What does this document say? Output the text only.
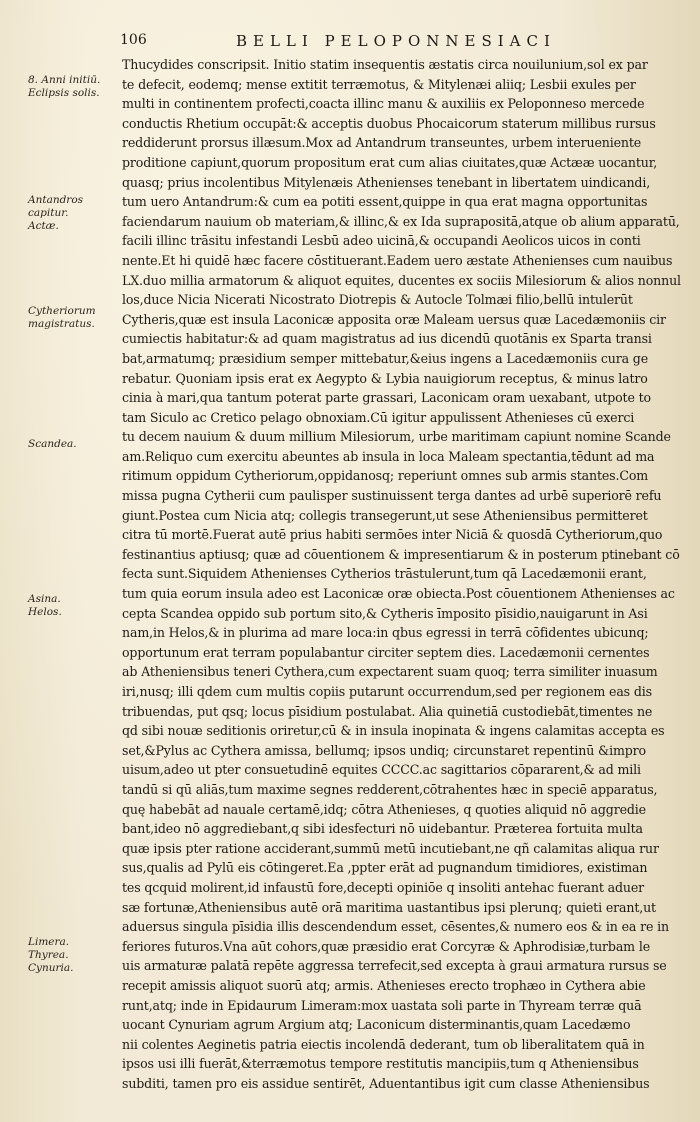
106	BELLI PELOPONNESIACI
8. Anni initiū.
Eclipsis solis.
Antandros
capitur.
Actæ.
Cytheriorum
magistratus.
Scandea.
Asina.
Helos.
Limera.
Thyrea.
Cynuria.
Thucydides conscripsit. Initio statim insequentis æstatis circa nouilunium,sol ex par
te defecit, eodemq; mense extitit terræmotus, & Mitylenæi aliiq; Lesbii exules per
multi in continentem profecti,coacta illinc manu & auxiliis ex Peloponneso mercede
conductis Rhetium occupāt:& acceptis duobus Phocaicorum staterum millibus rursus
reddiderunt prorsus illæsum.Mox ad Antandrum transeuntes, urbem interueniente
proditione capiunt,quorum propositum erat cum alias ciuitates,quæ Actææ uocantur,
quasq; prius incolentibus Mitylenæis Athenienses tenebant in libertatem uindicandi,
tum uero Antandrum:& cum ea potiti essent,quippe in qua erat magna opportunitas
faciendarum nauium ob materiam,& illinc,& ex Ida suprapositā,atque ob alium apparatū,
facili illinc trāsitu infestandi Lesbū adeo uicinā,& occupandi Aeolicos uicos in conti
nente.Et hi quidē hæc facere cōstituerant.Eadem uero æstate Athenienses cum nauibus
LX.duo millia armatorum & aliquot equites, ducentes ex sociis Milesiorum & alios nonnul
los,duce Nicia Nicerati Nicostrato Diotrepis & Autocle Tolmæi filio,bellū intulerūt
Cytheris,quæ est insula Laconicæ apposita oræ Maleam uersus quæ Lacedæmoniis cir
cumiectis habitatur:& ad quam magistratus ad ius dicendū quotānis ex Sparta transi
bat,armatumq; præsidium semper mittebatur,&eius ingens a Lacedæmoniis cura ge
rebatur. Quoniam ipsis erat ex Aegypto & Lybia nauigiorum receptus, & minus latro
cinia à mari,qua tantum poterat parte grassari, Laconicam oram uexabant, utpote to
tam Siculo ac Cretico pelago obnoxiam.Cū igitur appulissent Athenieses cū exerci
tu decem nauium & duum millium Milesiorum, urbe maritimam capiunt nomine Scande
am.Reliquo cum exercitu abeuntes ab insula in loca Maleam spectantia,tēdunt ad ma
ritimum oppidum Cytheriorum,oppidanosq; reperiunt omnes sub armis stantes.Com
missa pugna Cytherii cum paulisper sustinuissent terga dantes ad urbē superiorē refu
giunt.Postea cum Nicia atq; collegis transegerunt,ut sese Atheniensibus permitteret
citra tū mortē.Fuerat autē prius habiti sermōes inter Niciā & quosdā Cytheriorum,quo
festinantius aptiusq; quæ ad cōuentionem & impresentiarum & in posterum ptinebant cō
fecta sunt.Siquidem Athenienses Cytherios trāstulerunt,tum qā Lacedæmonii erant,
tum quia eorum insula adeo est Laconicæ oræ obiecta.Post cōuentionem Athenienses ac
cepta Scandea oppido sub portum sito,& Cytheris īmposito pīsidio,nauigarunt in Asi
nam,in Helos,& in plurima ad mare loca:in qbus egressi in terrā cōfidentes ubicunq;
opportunum erat terram populabantur circiter septem dies. Lacedæmonii cernentes
ab Atheniensibus teneri Cythera,cum expectarent suam quoq; terra similiter inuasum
iri,nusq; illi qdem cum multis copiis putarunt occurrendum,sed per regionem eas dis
tribuendas, put qsq; locus pīsidium postulabat. Alia quinetiā custodiebāt,timentes ne
qd sibi nouæ seditionis oriretur,cū & in insula inopinata & ingens calamitas accepta es
set,&Pylus ac Cythera amissa, bellumq; ipsos undiq; circunstaret repentinū &impro
uisum,adeo ut pter consuetudinē equites CCCC.ac sagittarios cōpararent,& ad mili
tandū si qū aliās,tum maxime segnes redderent,cōtrahentes hæc in speciē apparatus,
quę habebāt ad nauale certamē,idq; cōtra Athenieses, q quoties aliquid nō aggredie
bant,ideo nō aggrediebant,q sibi idesfecturi nō uidebantur. Præterea fortuita multa
quæ ipsis pter ratione acciderant,summū metū incutiebant,ne qñ calamitas aliqua rur
sus,qualis ad Pylū eis cōtingeret.Ea ,ppter erāt ad pugnandum timidiores, existiman
tes qcquid molirent,id infaustū fore,decepti opiniōe q insoliti antehac fuerant aduer
sæ fortunæ,Atheniensibus autē orā maritima uastantibus ipsi plerunq; quieti erant,ut
aduersus singula pīsidia illis descendendum esset, cēsentes,& numero eos & in ea re in
feriores futuros.Vna aūt cohors,quæ præsidio erat Corcyræ & Aphrodisiæ,turbam le
uis armaturæ palatā repēte aggressa terrefecit,sed excepta à graui armatura rursus se
recepit amissis aliquot suorū atq; armis. Athenieses erecto trophæo in Cythera abie
runt,atq; inde in Epidaurum Limeram:mox uastata soli parte in Thyream terræ quā
uocant Cynuriam agrum Argium atq; Laconicum disterminantis,quam Lacedæmo
nii colentes Aeginetis patria eiectis incolendā dederant, tum ob liberalitatem quā in
ipsos usi illi fuerāt,&terræmotus tempore restitutis mancipiis,tum q Atheniensibus
subditi, tamen pro eis assidue sentirēt, Aduentantibus igit cum classe Atheniensibus
